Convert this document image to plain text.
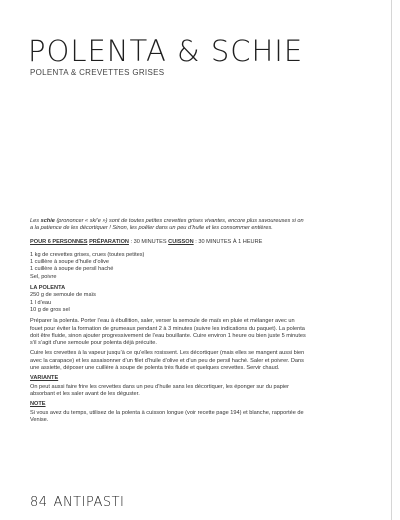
POLENTA & SCHIE
POLENTA & CREVETTES GRISES

Les schie (prononcer « ski’e ») sont de toutes petites crevettes grises vivantes, encore plus savoureuses si on a la patience de les décortiquer ! Sinon, les poêler dans un peu d’huile et les consommer entières.

POUR 6 PERSONNES PRÉPARATION : 30 MINUTES CUISSON : 30 MINUTES À 1 HEURE

1 kg de crevettes grises, crues (toutes petites)
1 cuillère à soupe d’huile d’olive
1 cuillère à soupe de persil haché
Sel, poivre
LA POLENTA
250 g de semoule de maïs
1 l d’eau
10 g de gros sel

Préparer la polenta. Porter l’eau à ébullition, saler, verser la semoule de maïs en pluie et mélanger avec un fouet pour éviter la formation de grumeaux pendant 2 à 3 minutes (suivre les indications du paquet). La polenta doit être fluide, sinon ajouter progressivement de l’eau bouillante. Cuire environ 1 heure ou bien juste 5 minutes s’il s’agit d’une semoule pour polenta déjà précuite.

Cuire les crevettes à la vapeur jusqu’à ce qu’elles rosissent. Les décortiquer (mais elles se mangent aussi bien avec la carapace) et les assaisonner d’un filet d’huile d’olive et d’un peu de persil haché. Saler et poivrer. Dans une assiette, déposer une cuillère à soupe de polenta très fluide et quelques crevettes. Servir chaud.

VARIANTE

On peut aussi faire frire les crevettes dans un peu d’huile sans les décortiquer, les éponger sur du papier absorbant et les saler avant de les déguster.

NOTE

Si vous avez du temps, utilisez de la polenta à cuisson longue (voir recette page 194) et blanche, rapportée de Venise.

84 ANTIPASTI
